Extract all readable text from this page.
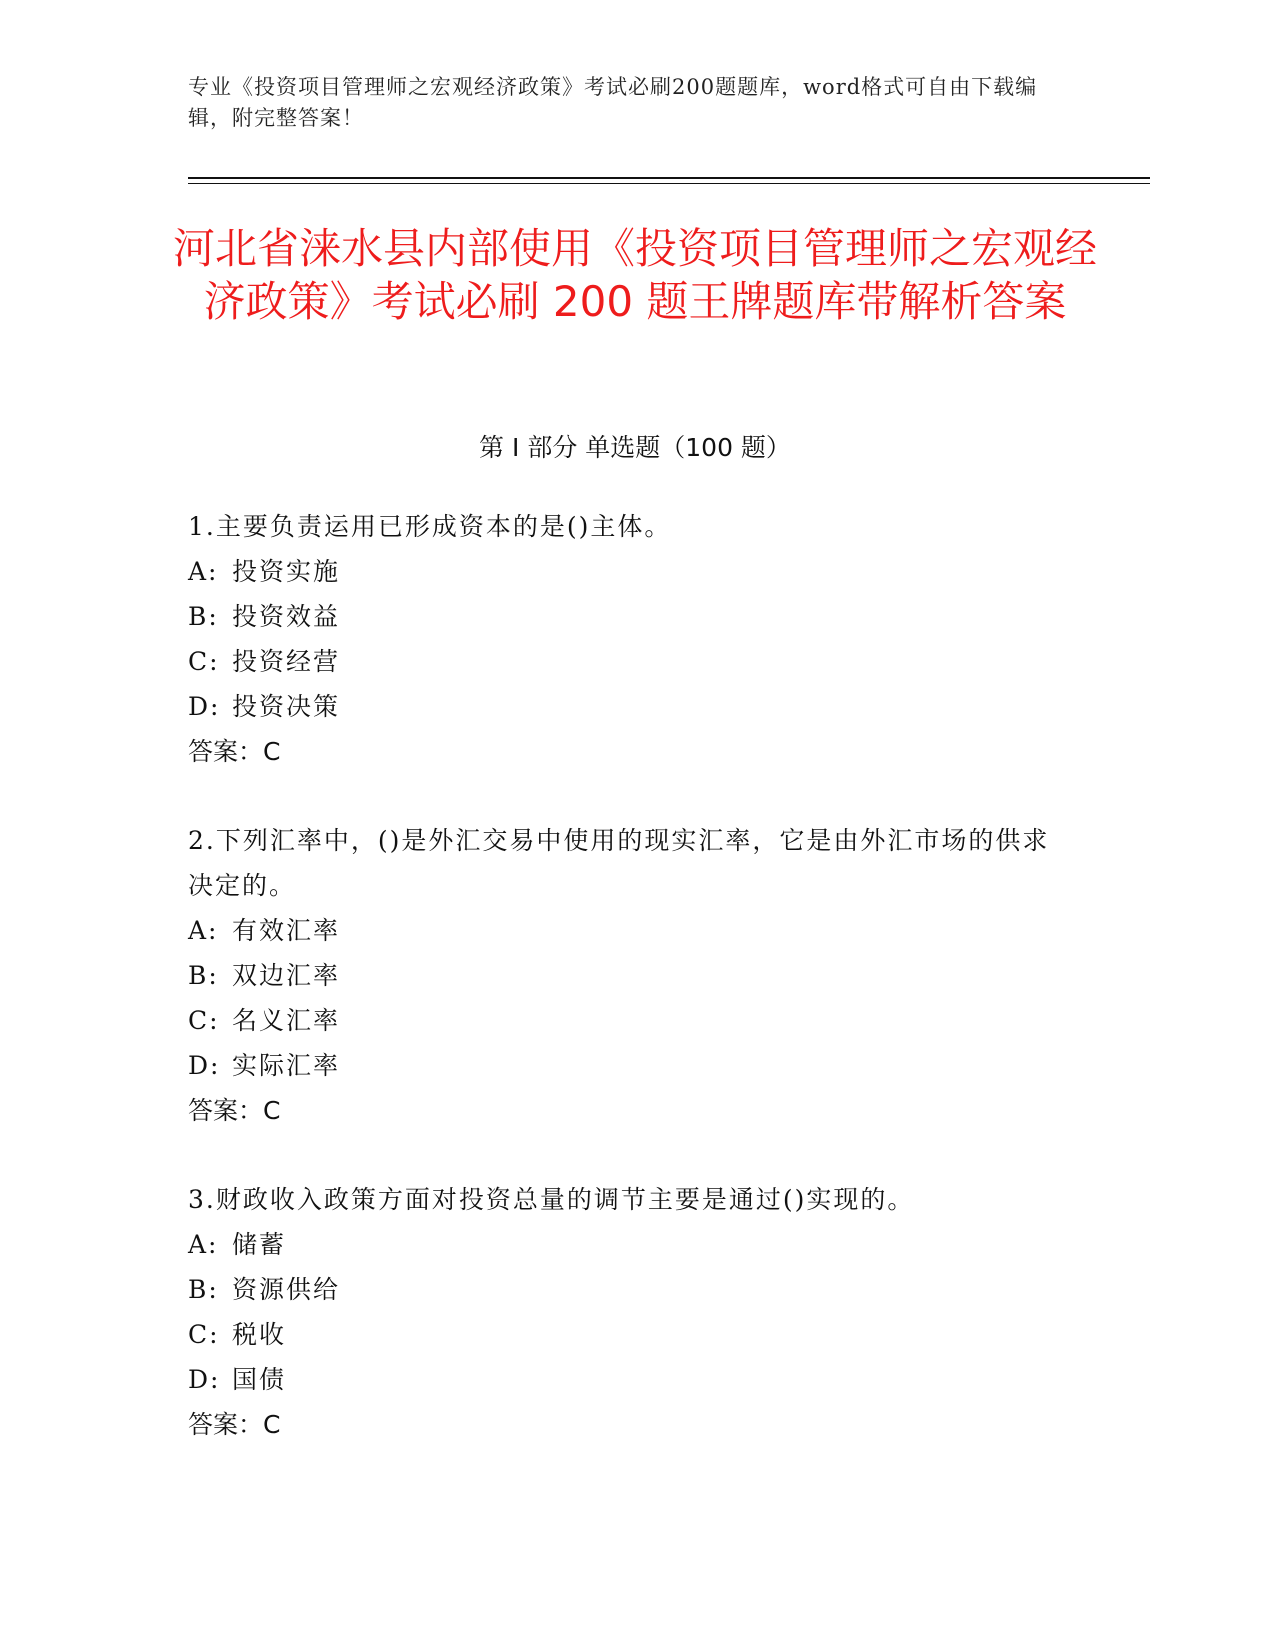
专业《投资项目管理师之宏观经济政策》考试必刷200题题库，word格式可自由下载编辑，附完整答案！
河北省涞水县内部使用《投资项目管理师之宏观经济政策》考试必刷 200 题王牌题库带解析答案
第 I 部分 单选题（100 题）

1.主要负责运用已形成资本的是()主体。

A: 投资实施

B: 投资效益

C: 投资经营

D: 投资决策

答案：C

2.下列汇率中，()是外汇交易中使用的现实汇率，它是由外汇市场的供求决定的。

A: 有效汇率

B: 双边汇率

C: 名义汇率

D: 实际汇率

答案：C

3.财政收入政策方面对投资总量的调节主要是通过()实现的。

A: 储蓄

B: 资源供给

C: 税收

D: 国债

答案：C
